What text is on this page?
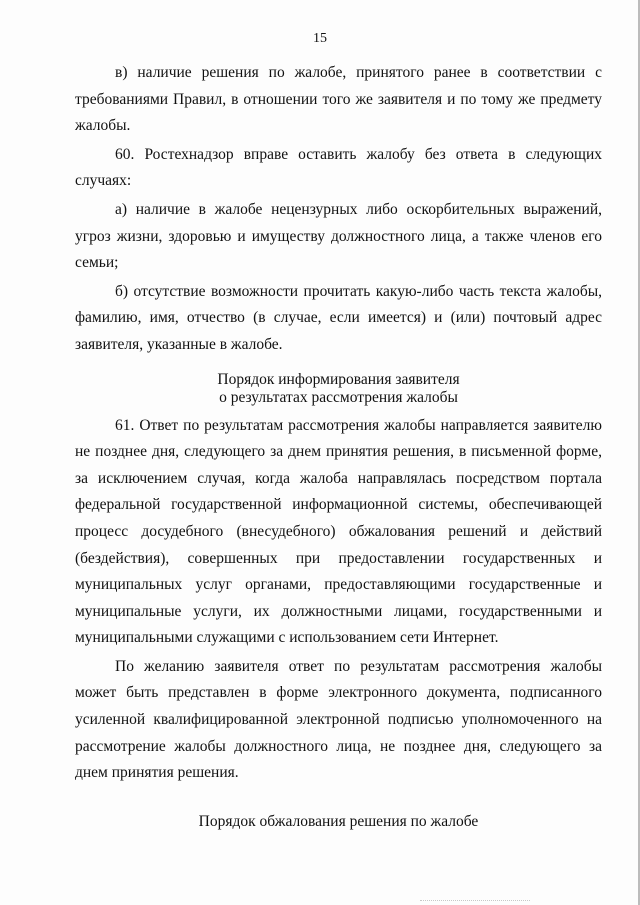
15

в) наличие решения по жалобе, принятого ранее в соответствии с требованиями Правил, в отношении того же заявителя и по тому же предмету жалобы.

60. Ростехнадзор вправе оставить жалобу без ответа в следующих случаях:

а) наличие в жалобе нецензурных либо оскорбительных выражений, угроз жизни, здоровью и имуществу должностного лица, а также членов его семьи;

б) отсутствие возможности прочитать какую-либо часть текста жалобы, фамилию, имя, отчество (в случае, если имеется) и (или) почтовый адрес заявителя, указанные в жалобе.

Порядок информирования заявителя
о результатах рассмотрения жалобы

61. Ответ по результатам рассмотрения жалобы направляется заявителю не позднее дня, следующего за днем принятия решения, в письменной форме, за исключением случая, когда жалоба направлялась посредством портала федеральной государственной информационной системы, обеспечивающей процесс досудебного (внесудебного) обжалования решений и действий (бездействия), совершенных при предоставлении государственных и муниципальных услуг органами, предоставляющими государственные и муниципальные услуги, их должностными лицами, государственными и муниципальными служащими с использованием сети Интернет.

По желанию заявителя ответ по результатам рассмотрения жалобы может быть представлен в форме электронного документа, подписанного усиленной квалифицированной электронной подписью уполномоченного на рассмотрение жалобы должностного лица, не позднее дня, следующего за днем принятия решения.

Порядок обжалования решения по жалобе
